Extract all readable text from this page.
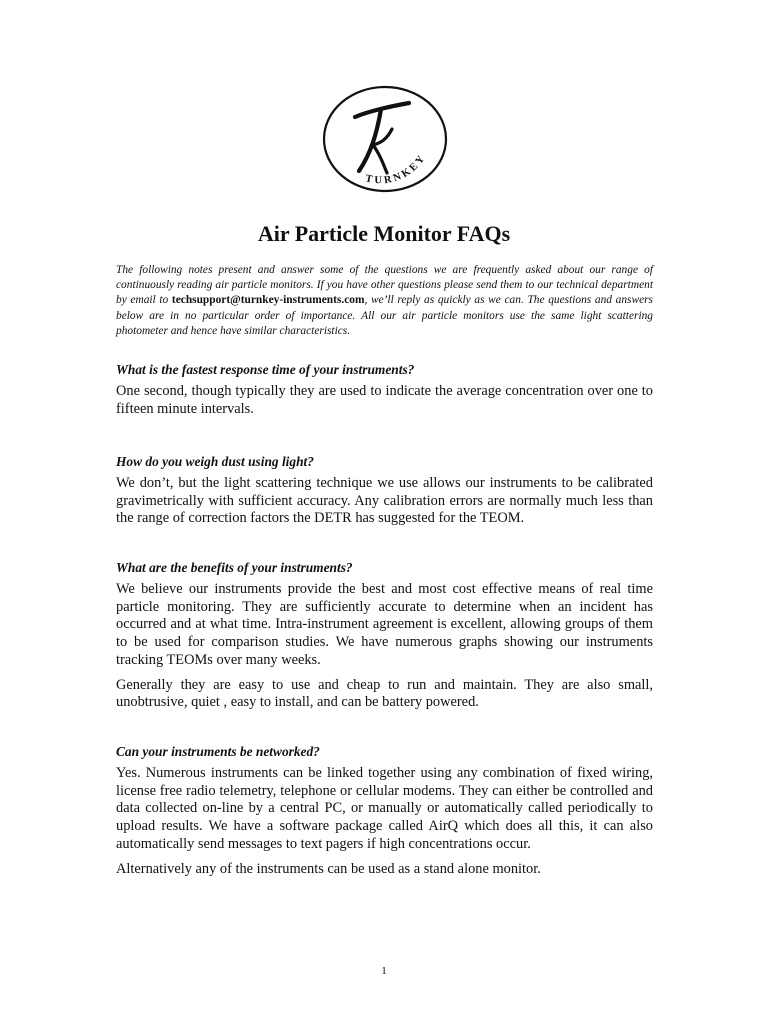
TURNKEY
Air Particle Monitor FAQs

The following notes present and answer some of the questions we are frequently asked about our range of continuously reading air particle monitors. If you have other questions please send them to our technical department by email to techsupport@turnkey-instruments.com, we’ll reply as quickly as we can. The questions and answers below are in no particular order of importance. All our air particle monitors use the same light scattering photometer and hence have similar characteristics.

What is the fastest response time of your instruments?

One second, though typically they are used to indicate the average concentration over one to fifteen minute intervals.

How do you weigh dust using light?

We don’t, but the light scattering technique we use allows our instruments to be calibrated gravimetrically with sufficient accuracy. Any calibration errors are normally much less than the range of correction factors the DETR has suggested for the TEOM.

What are the benefits of your instruments?

We believe our instruments provide the best and most cost effective means of real time particle monitoring. They are sufficiently accurate to determine when an incident has occurred and at what time. Intra-instrument agreement is excellent, allowing groups of them to be used for comparison studies. We have numerous graphs showing our instruments tracking TEOMs over many weeks.

Generally they are easy to use and cheap to run and maintain. They are also small, unobtrusive, quiet , easy to install, and can be battery powered.

Can your instruments be networked?

Yes. Numerous instruments can be linked together using any combination of fixed wiring, license free radio telemetry, telephone or cellular modems. They can either be controlled and data collected on-line by a central PC, or manually or automatically called periodically to upload results. We have a software package called AirQ which does all this, it can also automatically send messages to text pagers if high concentrations occur.

Alternatively any of the instruments can be used as a stand alone monitor.

1
